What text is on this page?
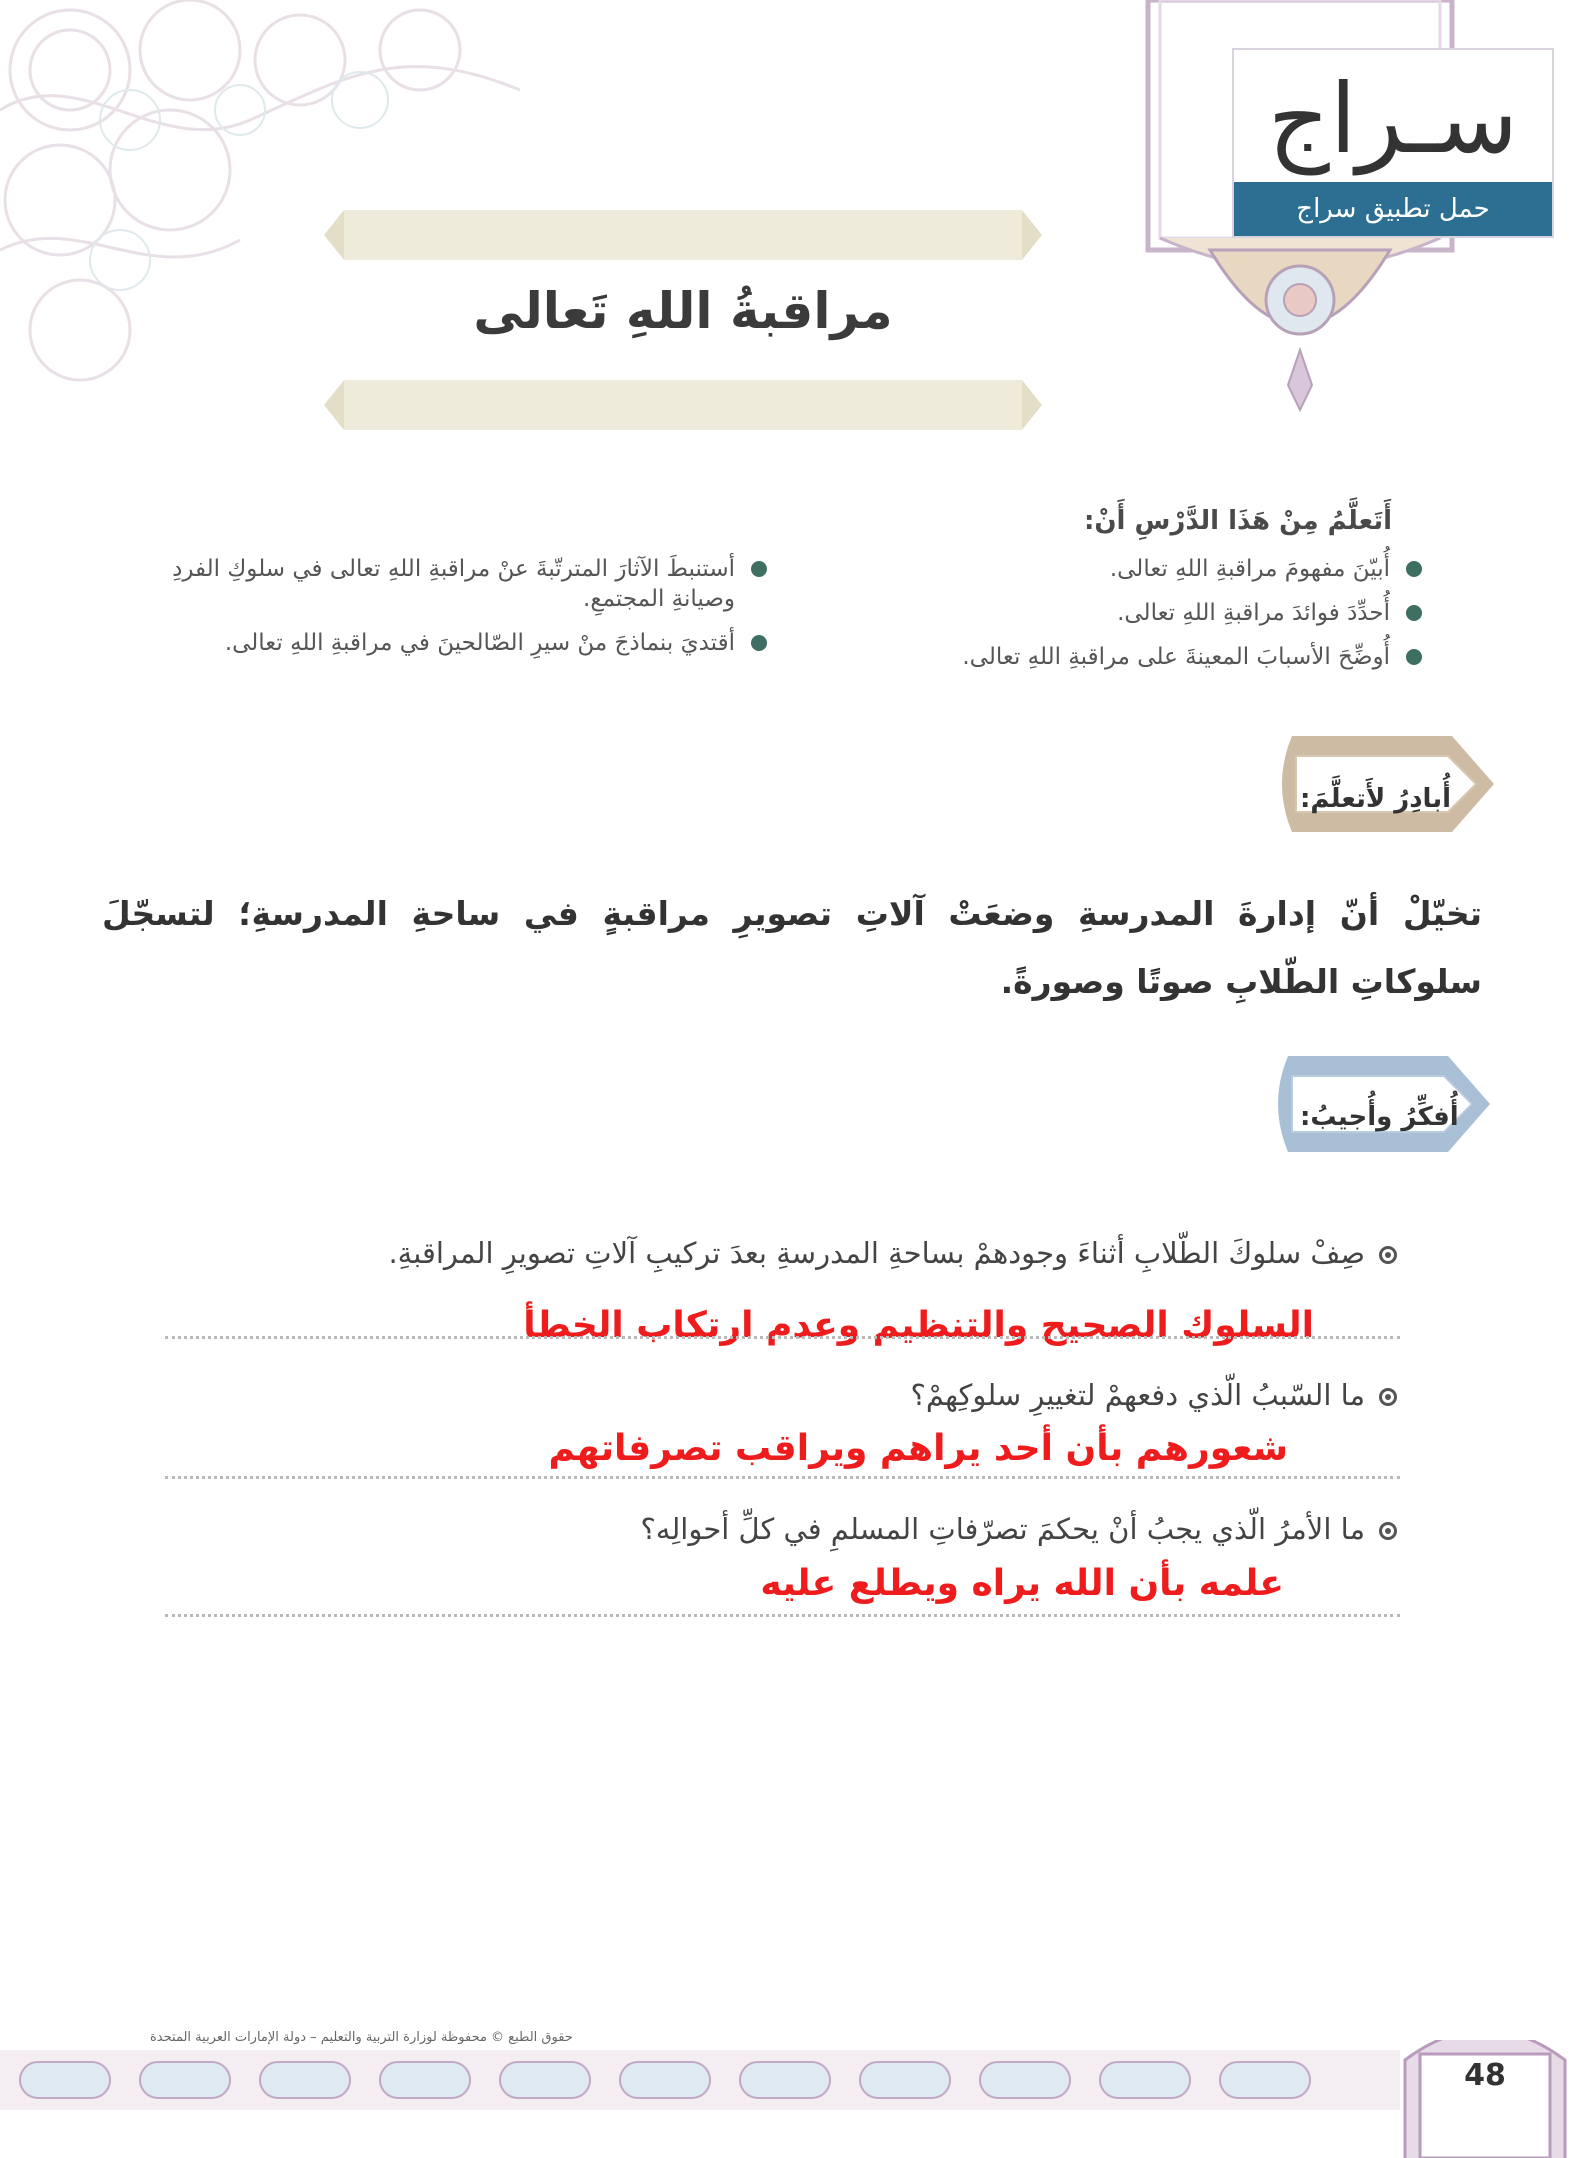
سـراج
حمل تطبيق سراج
مراقبةُ اللهِ تَعالى
أَتَعلَّمُ مِنْ هَذَا الدَّرْسِ أَنْ:
أُبيّنَ مفهومَ مراقبةِ اللهِ تعالى.
أُحدِّدَ فوائدَ مراقبةِ اللهِ تعالى.
أُوضِّحَ الأسبابَ المعينةَ على مراقبةِ اللهِ تعالى.
أستنبطَ الآثارَ المترتّبةَ عنْ مراقبةِ اللهِ تعالى في سلوكِ الفردِ
وصيانةِ المجتمعِ.
أقتديَ بنماذجَ منْ سيرِ الصّالحينَ في مراقبةِ اللهِ تعالى.
أُبادِرُ لأَتعلَّمَ:
تخيّلْ أنّ إدارةَ المدرسةِ وضعَتْ آلاتِ تصويرِ مراقبةٍ في ساحةِ المدرسةِ؛ لتسجّلَ سلوكاتِ الطّلابِ صوتًا وصورةً.
أُفكِّرُ وأُجيبُ:
صِفْ سلوكَ الطّلابِ أثناءَ وجودهمْ بساحةِ المدرسةِ بعدَ تركيبِ آلاتِ تصويرِ المراقبةِ.
ما السّببُ الّذي دفعهمْ لتغييرِ سلوكِهمْ؟
ما الأمرُ الّذي يجبُ أنْ يحكمَ تصرّفاتِ المسلمِ في كلِّ أحوالِه؟
السلوك الصحيح والتنظيم وعدم ارتكاب الخطأ
شعورهم بأن أحد يراهم ويراقب تصرفاتهم
علمه بأن الله يراه ويطلع عليه
حقوق الطبع © محفوظة لوزارة التربية والتعليم – دولة الإمارات العربية المتحدة
48
